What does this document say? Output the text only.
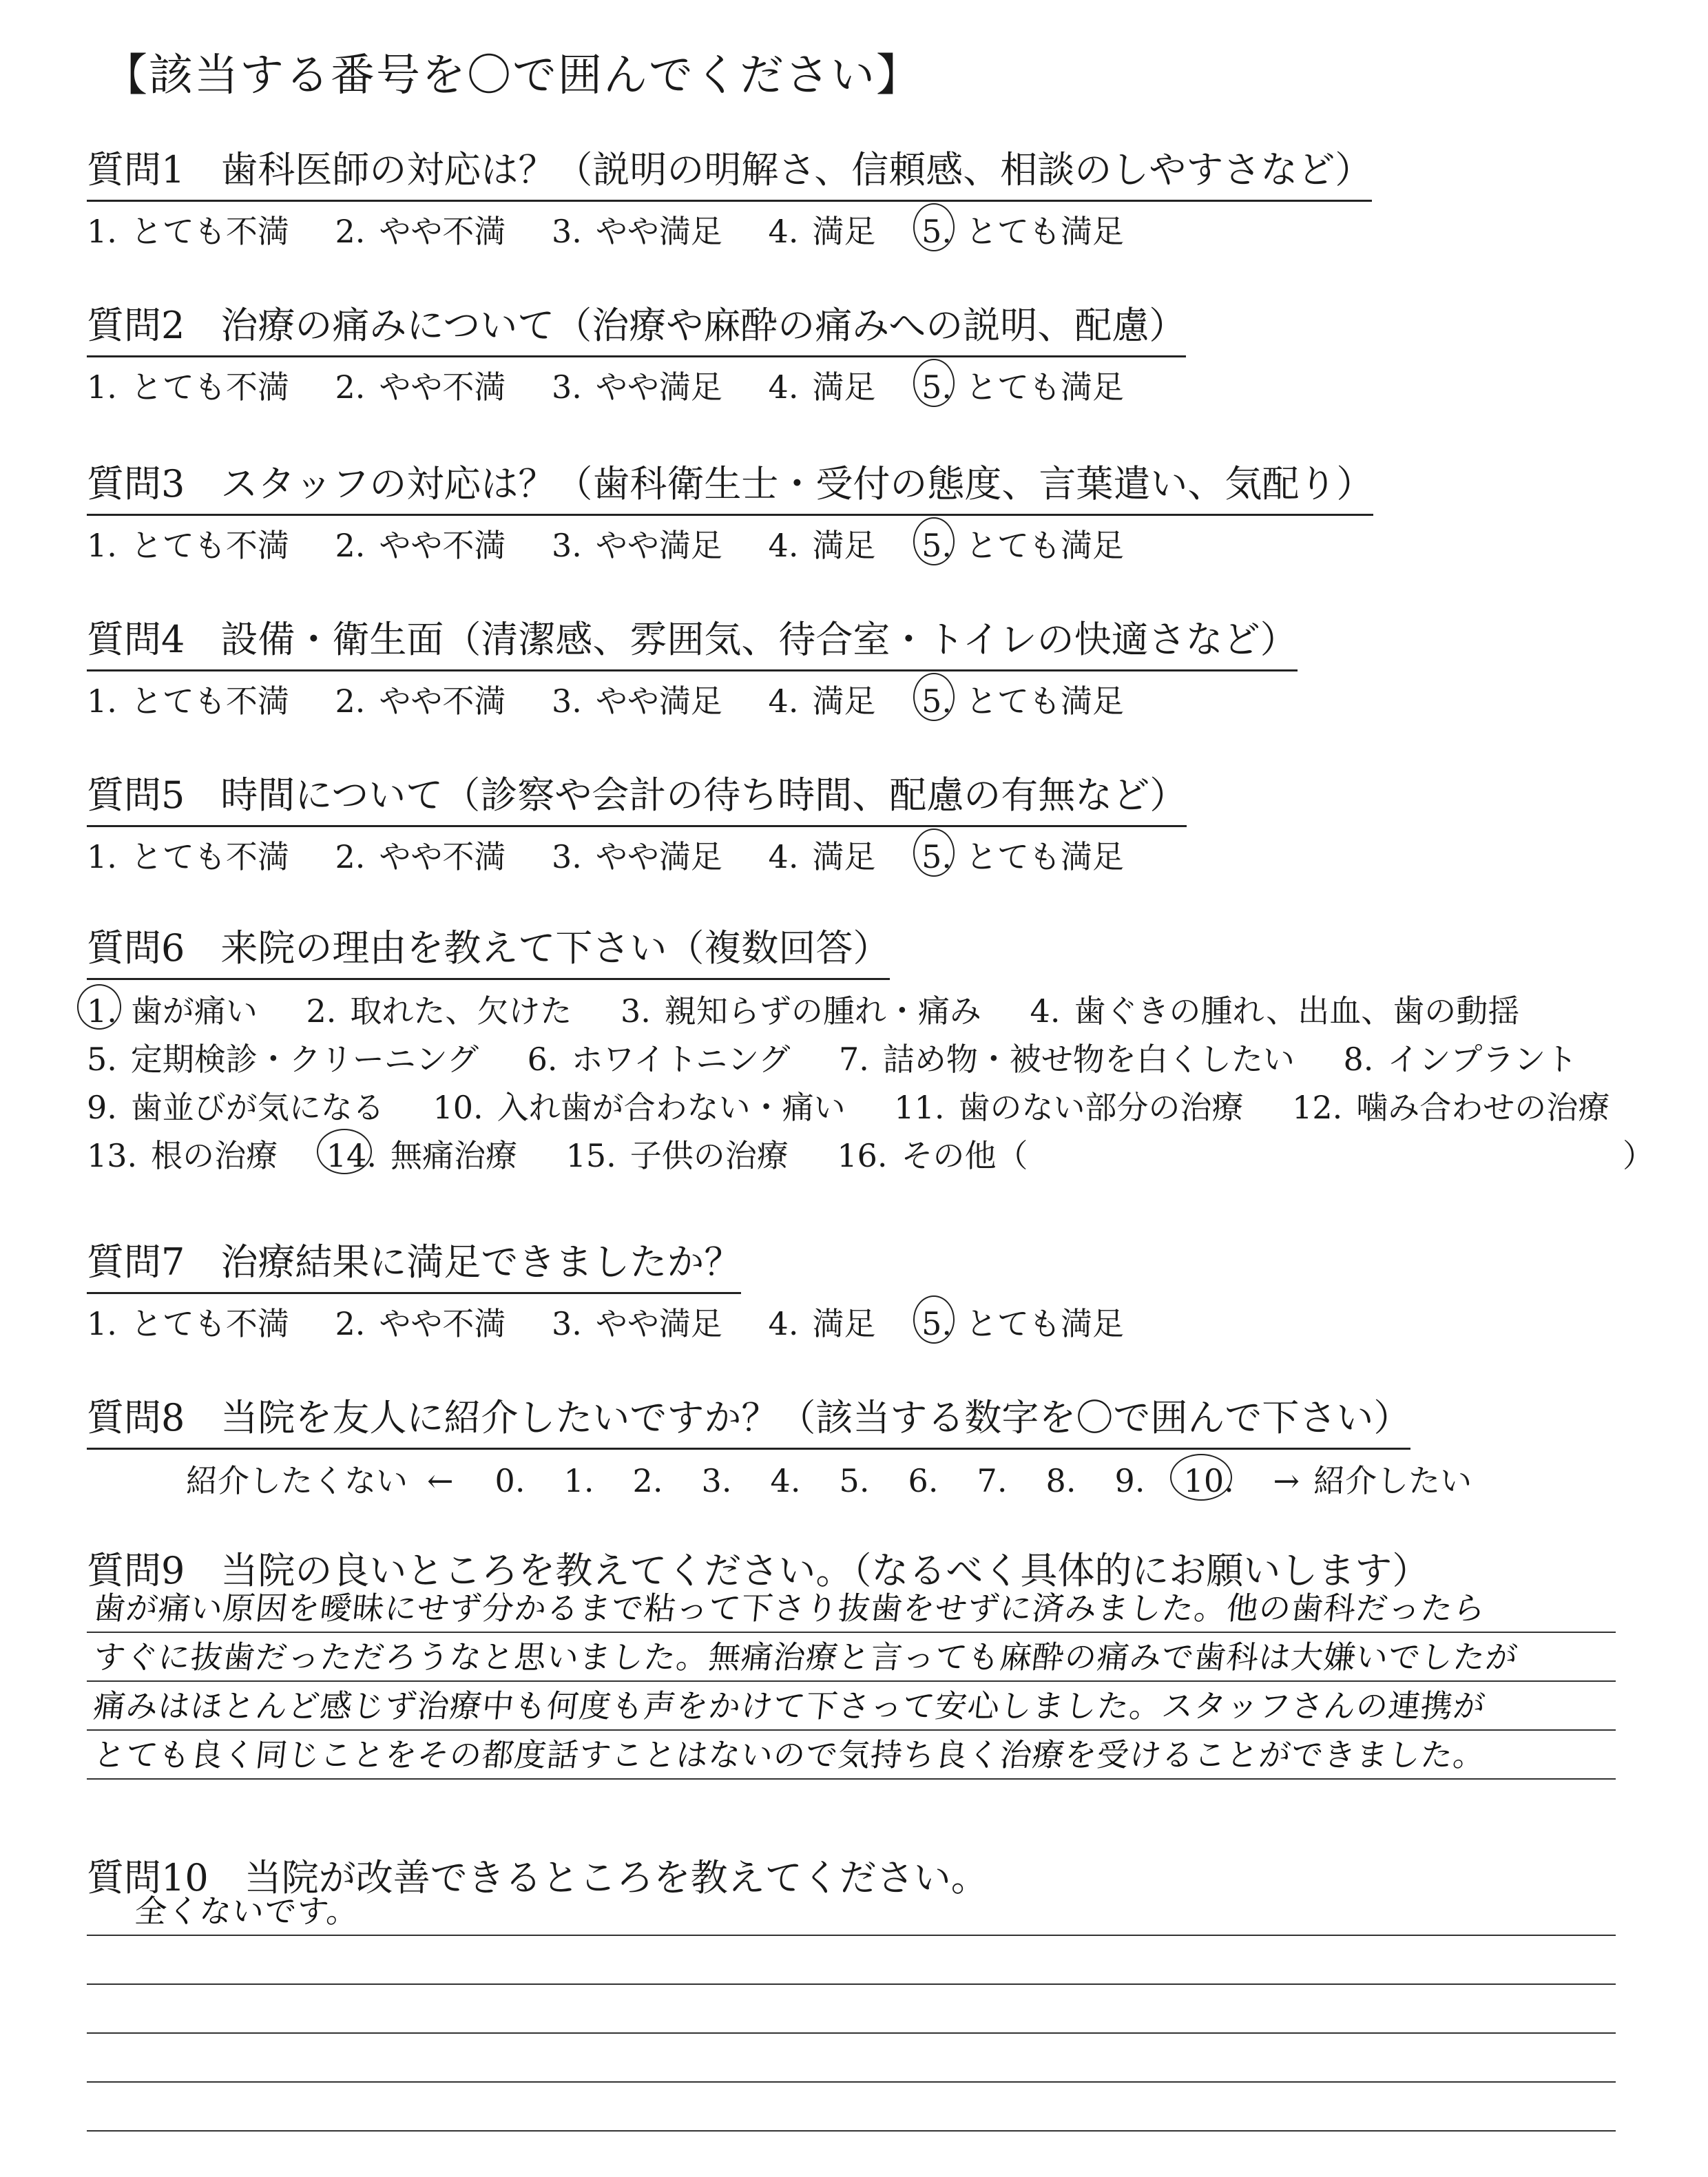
【該当する番号を〇で囲んでください】
質問1 歯科医師の対応は？（説明の明解さ、信頼感、相談のしやすさなど）
1. とても不満 2. やや不満 3. やや満足 4. 満足 5. とても満足
質問2 治療の痛みについて（治療や麻酔の痛みへの説明、配慮）
1. とても不満 2. やや不満 3. やや満足 4. 満足 5. とても満足
質問3 スタッフの対応は？（歯科衛生士・受付の態度、言葉遣い、気配り）
1. とても不満 2. やや不満 3. やや満足 4. 満足 5. とても満足
質問4 設備・衛生面（清潔感、雰囲気、待合室・トイレの快適さなど）
1. とても不満 2. やや不満 3. やや満足 4. 満足 5. とても満足
質問5 時間について（診察や会計の待ち時間、配慮の有無など）
1. とても不満 2. やや不満 3. やや満足 4. 満足 5. とても満足
質問6 来院の理由を教えて下さい（複数回答）
1. 歯が痛い 2. 取れた、欠けた 3. 親知らずの腫れ・痛み 4. 歯ぐきの腫れ、出血、歯の動揺
5. 定期検診・クリーニング 6. ホワイトニング 7. 詰め物・被せ物を白くしたい 8. インプラント
9. 歯並びが気になる 10. 入れ歯が合わない・痛い 11. 歯のない部分の治療 12. 噛み合わせの治療
13. 根の治療 14. 無痛治療 15. 子供の治療 16. その他（	）
質問7 治療結果に満足できましたか？
1. とても不満 2. やや不満 3. やや満足 4. 満足 5. とても満足
質問8 当院を友人に紹介したいですか？（該当する数字を〇で囲んで下さい）
紹介したくない ← 0. 1. 2. 3. 4. 5. 6. 7. 8. 9. 10. → 紹介したい
質問9 当院の良いところを教えてください。（なるべく具体的にお願いします）
歯が痛い原因を曖昧にせず分かるまで粘って下さり抜歯をせずに済みました。他の歯科だったら
すぐに抜歯だっただろうなと思いました。無痛治療と言っても麻酔の痛みで歯科は大嫌いでしたが
痛みはほとんど感じず治療中も何度も声をかけて下さって安心しました。スタッフさんの連携が
とても良く同じことをその都度話すことはないので気持ち良く治療を受けることができました。
質問10 当院が改善できるところを教えてください。
全くないです。
